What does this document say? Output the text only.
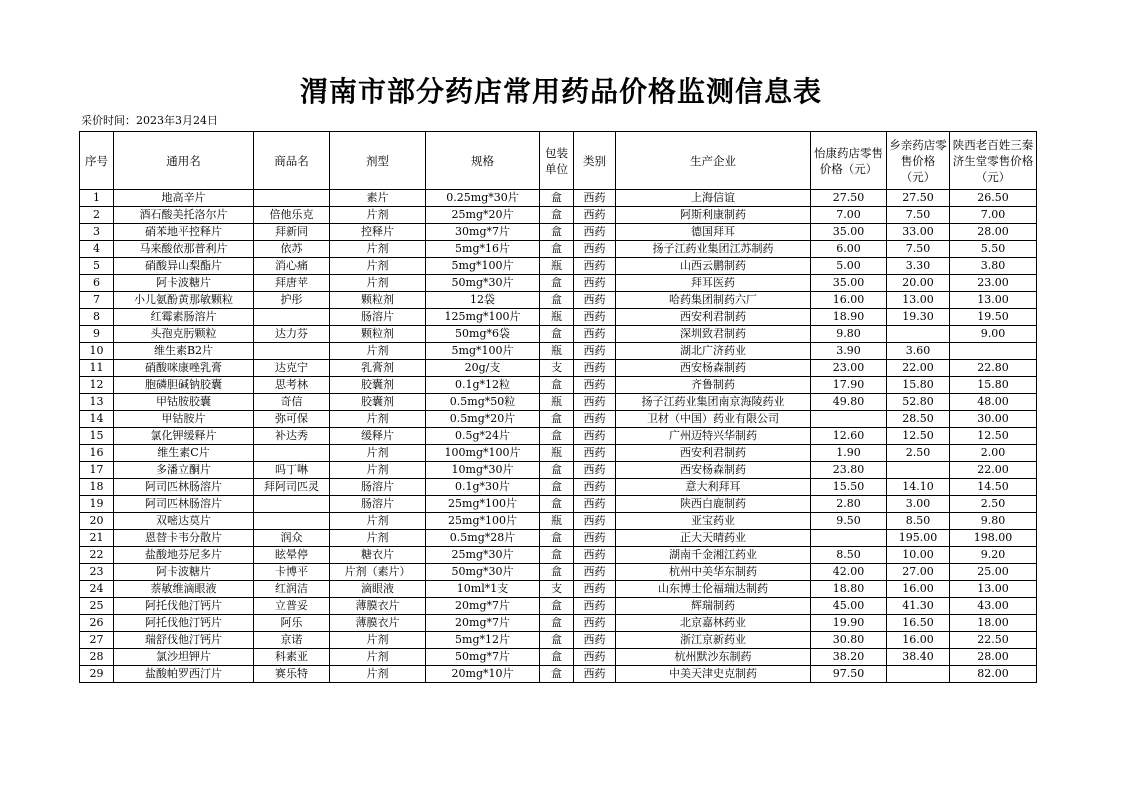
渭南市部分药店常用药品价格监测信息表
采价时间：2023年3月24日
序号	通用名	商品名	剂型	规格	包装 单位	类别	生产企业	怡康药店零售价格（元）	乡亲药店零售价格（元）	陕西老百姓三秦济生堂零售价格（元）
1	地高辛片		素片	0.25mg*30片	盒	西药	上海信谊	27.50	27.50	26.50
2	酒石酸美托洛尔片	倍他乐克	片剂	25mg*20片	盒	西药	阿斯利康制药	7.00	7.50	7.00
3	硝苯地平控释片	拜新同	控释片	30mg*7片	盒	西药	德国拜耳	35.00	33.00	28.00
4	马来酸依那普利片	依苏	片剂	5mg*16片	盒	西药	扬子江药业集团江苏制药	6.00	7.50	5.50
5	硝酸异山梨酯片	消心痛	片剂	5mg*100片	瓶	西药	山西云鹏制药	5.00	3.30	3.80
6	阿卡波糖片	拜唐苹	片剂	50mg*30片	盒	西药	拜耳医药	35.00	20.00	23.00
7	小儿氨酚黄那敏颗粒	护彤	颗粒剂	12袋	盒	西药	哈药集团制药六厂	16.00	13.00	13.00
8	红霉素肠溶片		肠溶片	125mg*100片	瓶	西药	西安利君制药	18.90	19.30	19.50
9	头孢克肟颗粒	达力芬	颗粒剂	50mg*6袋	盒	西药	深圳致君制药	9.80		9.00
10	维生素B2片		片剂	5mg*100片	瓶	西药	湖北广济药业	3.90	3.60	
11	硝酸咪康唑乳膏	达克宁	乳膏剂	20g/支	支	西药	西安杨森制药	23.00	22.00	22.80
12	胞磷胆碱钠胶囊	思考林	胶囊剂	0.1g*12粒	盒	西药	齐鲁制药	17.90	15.80	15.80
13	甲钴胺胶囊	奇信	胶囊剂	0.5mg*50粒	瓶	西药	扬子江药业集团南京海陵药业	49.80	52.80	48.00
14	甲钴胺片	弥可保	片剂	0.5mg*20片	盒	西药	卫材（中国）药业有限公司		28.50	30.00
15	氯化钾缓释片	补达秀	缓释片	0.5g*24片	盒	西药	广州迈特兴华制药	12.60	12.50	12.50
16	维生素C片		片剂	100mg*100片	瓶	西药	西安利君制药	1.90	2.50	2.00
17	多潘立酮片	吗丁啉	片剂	10mg*30片	盒	西药	西安杨森制药	23.80		22.00
18	阿司匹林肠溶片	拜阿司匹灵	肠溶片	0.1g*30片	盒	西药	意大利拜耳	15.50	14.10	14.50
19	阿司匹林肠溶片		肠溶片	25mg*100片	盒	西药	陕西白鹿制药	2.80	3.00	2.50
20	双嘧达莫片		片剂	25mg*100片	瓶	西药	亚宝药业	9.50	8.50	9.80
21	恩替卡韦分散片	润众	片剂	0.5mg*28片	盒	西药	正大天晴药业		195.00	198.00
22	盐酸地芬尼多片	眩晕停	糖衣片	25mg*30片	盒	西药	湖南千金湘江药业	8.50	10.00	9.20
23	阿卡波糖片	卡博平	片剂（素片）	50mg*30片	盒	西药	杭州中美华东制药	42.00	27.00	25.00
24	萘敏维滴眼液	红润洁	滴眼液	10ml*1支	支	西药	山东博士伦福瑞达制药	18.80	16.00	13.00
25	阿托伐他汀钙片	立普妥	薄膜衣片	20mg*7片	盒	西药	辉瑞制药	45.00	41.30	43.00
26	阿托伐他汀钙片	阿乐	薄膜衣片	20mg*7片	盒	西药	北京嘉林药业	19.90	16.50	18.00
27	瑞舒伐他汀钙片	京诺	片剂	5mg*12片	盒	西药	浙江京新药业	30.80	16.00	22.50
28	氯沙坦钾片	科素亚	片剂	50mg*7片	盒	西药	杭州默沙东制药	38.20	38.40	28.00
29	盐酸帕罗西汀片	赛乐特	片剂	20mg*10片	盒	西药	中美天津史克制药	97.50		82.00
